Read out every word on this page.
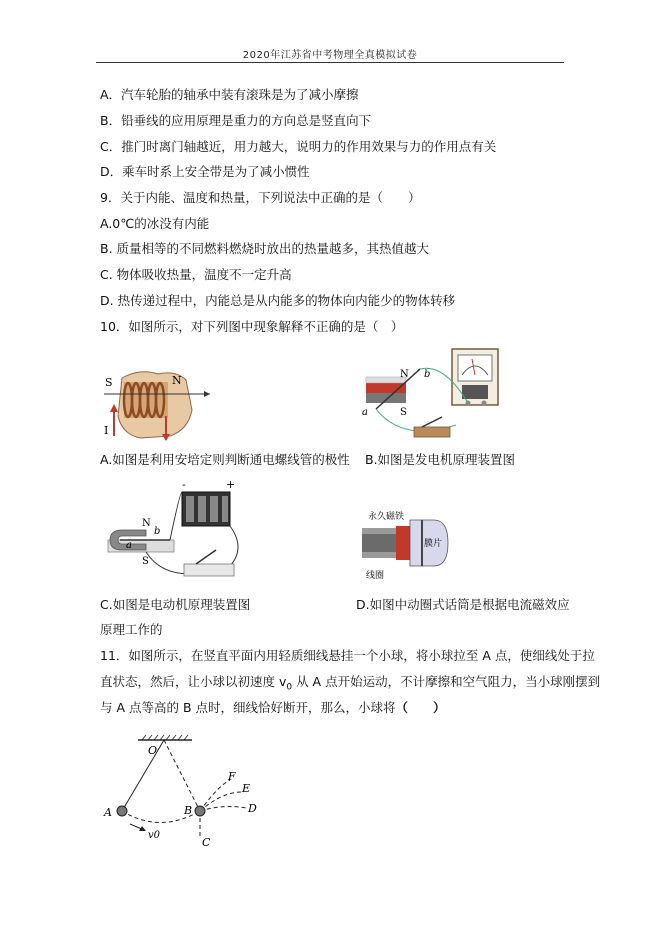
2020年江苏省中考物理全真模拟试卷
A．汽车轮胎的轴承中装有滚珠是为了减小摩擦
B．铅垂线的应用原理是重力的方向总是竖直向下
C．推门时离门轴越近，用力越大，说明力的作用效果与力的作用点有关
D．乘车时系上安全带是为了减小惯性
9．关于内能、温度和热量，下列说法中正确的是（　　）
A.0℃的冰没有内能
B. 质量相等的不同燃料燃烧时放出的热量越多，其热值越大
C. 物体吸收热量，温度不一定升高
D. 热传递过程中，内能总是从内能多的物体向内能少的物体转移
10．如图所示，对下列图中现象解释不正确的是（　）
S	N
I
A.如图是利用安培定则判断通电螺线管的极性
N
S
a
b
B.如图是发电机原理装置图
-	+
N
S
a
b
C.如图是电动机原理装置图
永久磁铁
膜片
线圈
D.如图中动圈式话筒是根据电流磁效应
原理工作的
11．如图所示，在竖直平面内用轻质细线悬挂一个小球，将小球拉至 A 点，使细线处于拉
直状态，然后，让小球以初速度 $v_0$ 从 A 点开始运动，不计摩擦和空气阻力，当小球刚摆到
与 A 点等高的 B 点时，细线恰好断开，那么，小球将（　　）
O
A	B
C
D
E
F
v0
